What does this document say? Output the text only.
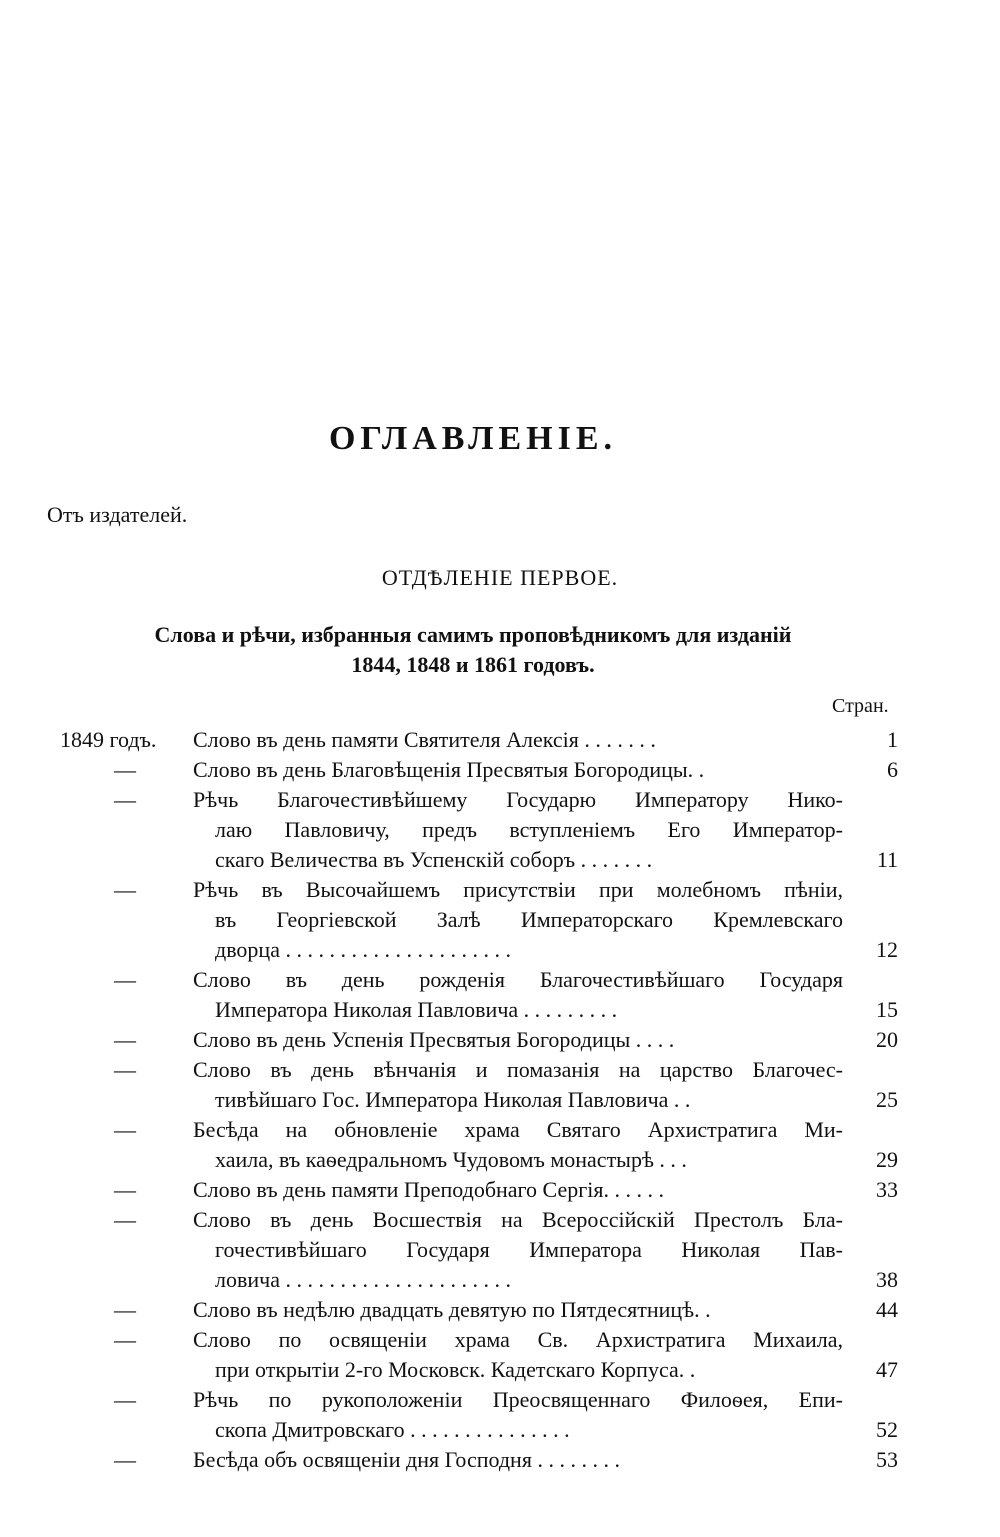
ОГЛАВЛЕНІЕ.
Отъ издателей.
ОТДѢЛЕНІЕ ПЕРВОЕ.
Слова и рѣчи, избранныя самимъ проповѣдникомъ для изданій
1844, 1848 и 1861 годовъ.
Стран.
1849 годъ. Слово въ день памяти Святителя Алексія . . . . . . .	1
—	Слово въ день Благовѣщенія Пресвятыя Богородицы. .	6
—	Рѣчь Благочестивѣйшему Государю Императору Нико-
лаю Павловичу, предъ вступленіемъ Его Император-
скаго Величества въ Успенскій соборъ . . . . . . .	11
—	Рѣчь въ Высочайшемъ присутствіи при молебномъ пѣніи,
въ Георгіевской Залѣ Императорскаго Кремлевскаго
дворца . . . . . . . . . . . . . . . . . . . . .	12
—	Слово въ день рожденія Благочестивѣйшаго Государя
Императора Николая Павловича . . . . . . . . .	15
—	Слово въ день Успенія Пресвятыя Богородицы . . . .	20
—	Слово въ день вѣнчанія и помазанія на царство Благочес-
тивѣйшаго Гос. Императора Николая Павловича . .	25
—	Бесѣда на обновленіе храма Святаго Архистратига Ми-
хаила, въ каѳедральномъ Чудовомъ монастырѣ . . .	29
—	Слово въ день памяти Преподобнаго Сергія. . . . . .	33
—	Слово въ день Восшествія на Всероссійскій Престолъ Бла-
гочестивѣйшаго Государя Императора Николая Пав-
ловича . . . . . . . . . . . . . . . . . . . . .	38
—	Слово въ недѣлю двадцать девятую по Пятдесятницѣ. .	44
—	Слово по освященіи храма Св. Архистратига Михаила,
при открытіи 2-го Московск. Кадетскаго Корпуса. .	47
—	Рѣчь по рукоположеніи Преосвященнаго Филоѳея, Епи-
скопа Дмитровскаго . . . . . . . . . . . . . . .	52
—	Бесѣда объ освященіи дня Господня . . . . . . . .	53
